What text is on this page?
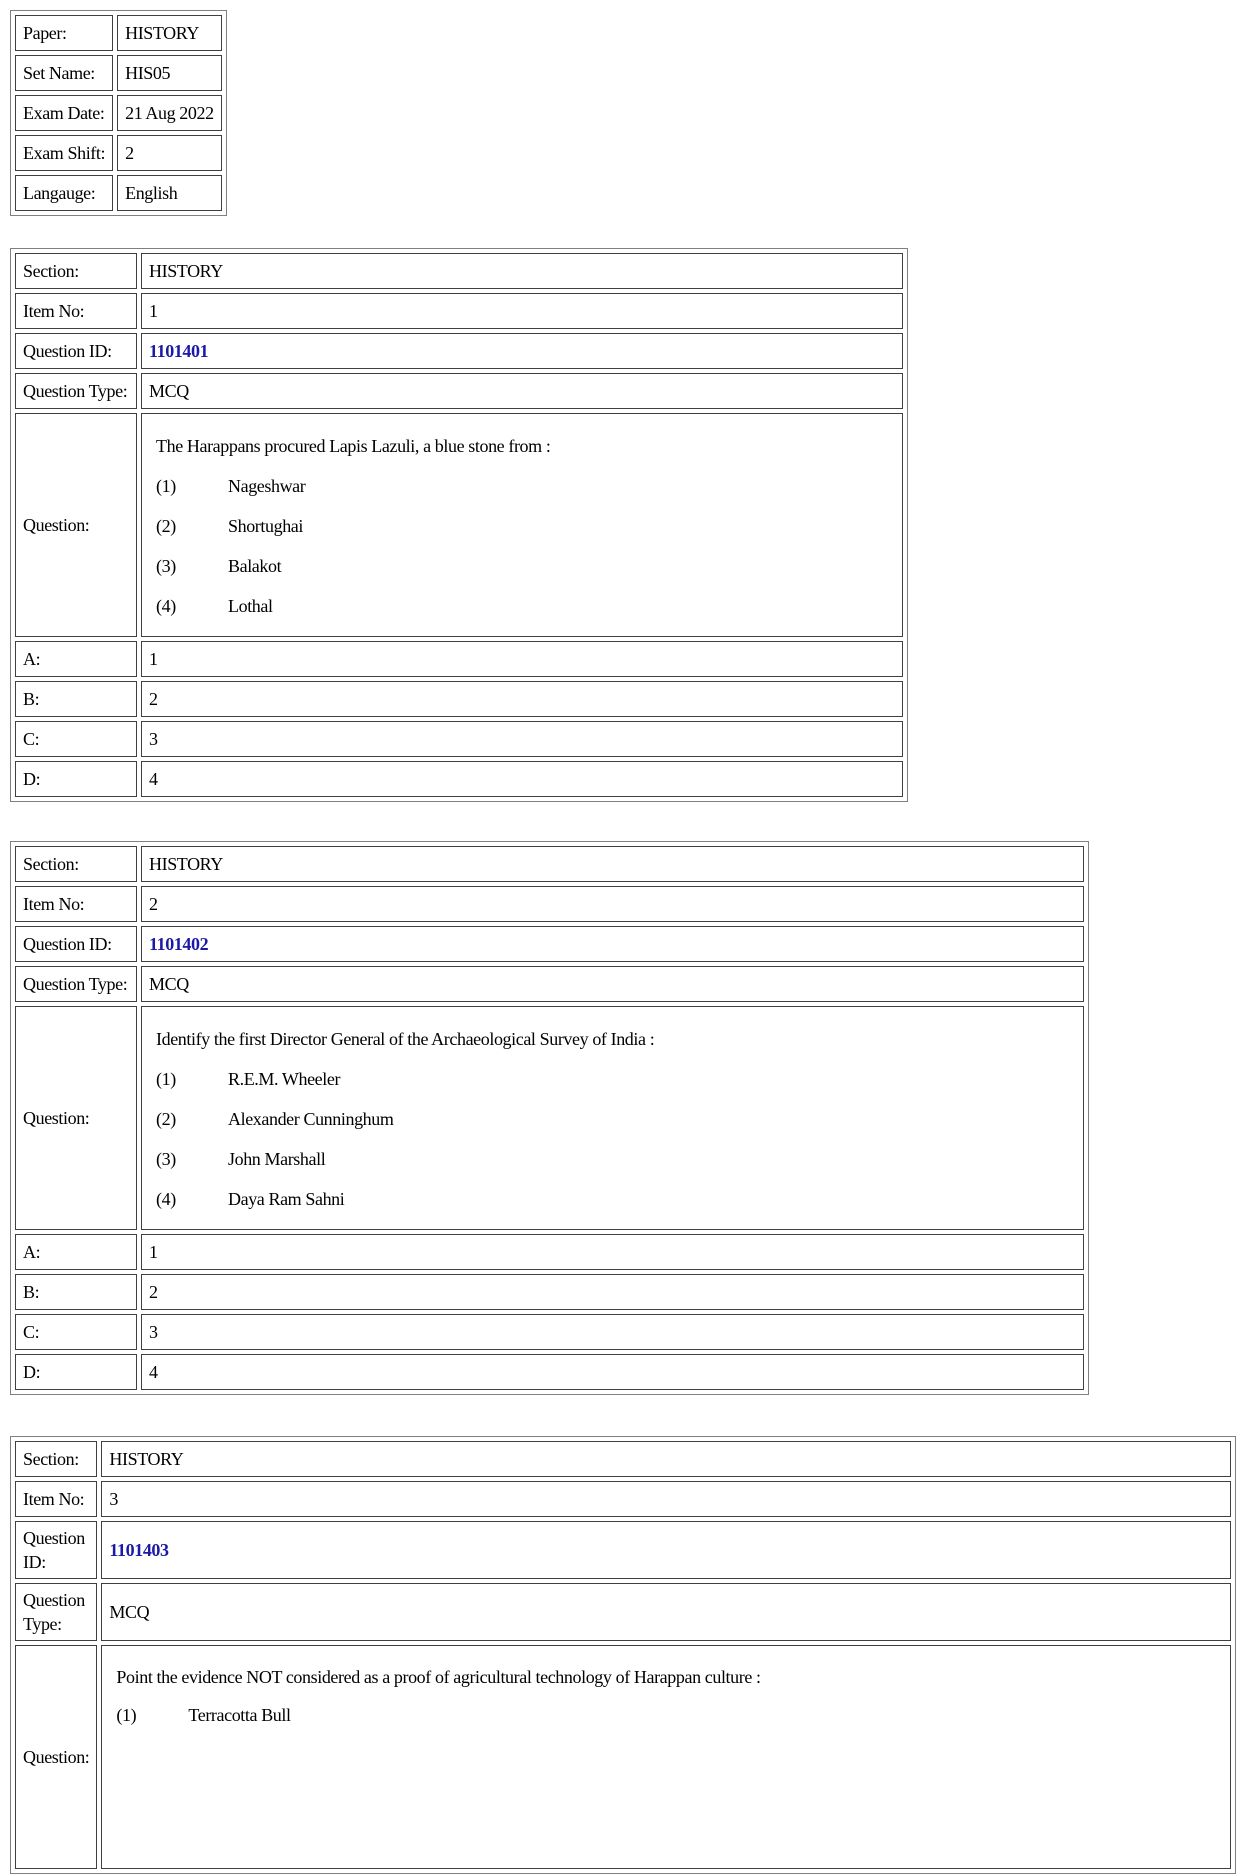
Paper:	HISTORY
Set Name:	HIS05
Exam Date:	21 Aug 2022
Exam Shift:	2
Langauge:	English
Section:	HISTORY
Item No:	1
Question ID:	1101401
Question Type:	MCQ
Question:	The Harappans procured Lapis Lazuli, a blue stone from :
(1) Nageshwar
(2) Shortughai
(3) Balakot
(4) Lothal

A:	1
B:	2
C:	3
D:	4
Section:	HISTORY
Item No:	2
Question ID:	1101402
Question Type:	MCQ
Question:	Identify the first Director General of the Archaeological Survey of India :
(1) R.E.M. Wheeler
(2) Alexander Cunninghum
(3) John Marshall
(4) Daya Ram Sahni

A:	1
B:	2
C:	3
D:	4
Section:	HISTORY
Item No:	3
Question ID:	1101403
Question Type:	MCQ
Question:	Point the evidence NOT considered as a proof of agricultural technology of Harappan culture :
(1) Terracotta Bull
